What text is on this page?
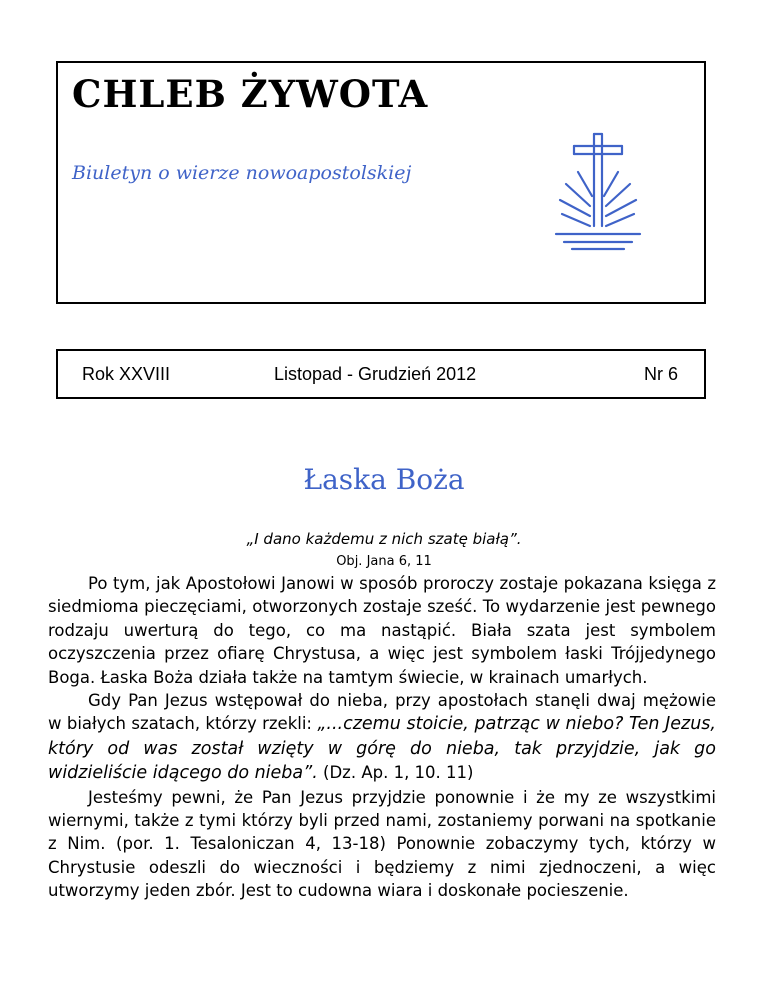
CHLEB ŻYWOTA
Biuletyn o wierze nowoapostolskiej
Rok XXVIII	Listopad - Grudzień 2012	Nr 6
Łaska Boża
„I dano każdemu z nich szatę białą”.
Obj. Jana 6, 11

Po tym, jak Apostołowi Janowi w sposób proroczy zostaje pokazana księga z siedmioma pieczęciami, otworzonych zostaje sześć. To wydarzenie jest pewnego rodzaju uwerturą do tego, co ma nastąpić. Biała szata jest symbolem oczyszczenia przez ofiarę Chrystusa, a więc jest symbolem łaski Trójjedynego Boga. Łaska Boża działa także na tamtym świecie, w krainach umarłych.

Gdy Pan Jezus wstępował do nieba, przy apostołach stanęli dwaj mężowie w białych szatach, którzy rzekli: „...czemu stoicie, patrząc w niebo? Ten Jezus, który od was został wzięty w górę do nieba, tak przyjdzie, jak go widzieliście idącego do nieba”. (Dz. Ap. 1, 10. 11)

Jesteśmy pewni, że Pan Jezus przyjdzie ponownie i że my ze wszystkimi wiernymi, także z tymi którzy byli przed nami, zostaniemy porwani na spotkanie z Nim. (por. 1. Tesaloniczan 4, 13-18) Ponownie zobaczymy tych, którzy w Chrystusie odeszli do wieczności i będziemy z nimi zjednoczeni, a więc utworzymy jeden zbór. Jest to cudowna wiara i doskonałe pocieszenie.
